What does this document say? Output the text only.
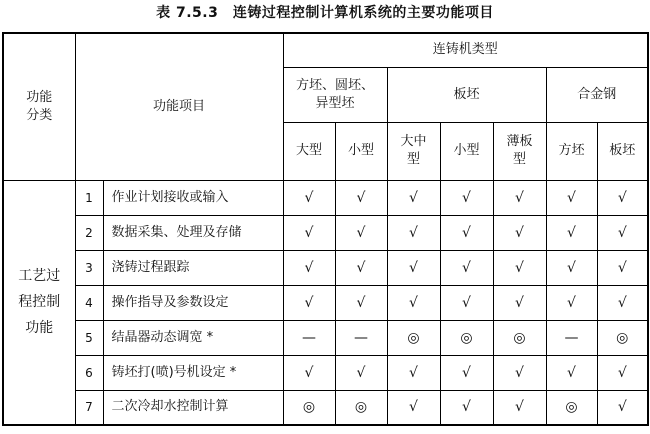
表 7.5.3　连铸过程控制计算机系统的主要功能项目
功能分类	功能项目		连铸机类型						
			方坯、圆坯、异型坯		板坯			合金钢	
			大型	小型	大中型	小型	薄板型	方坯	板坯
工艺过程控制功能	1	作业计划接收或输入	√	√	√	√	√	√	√
	2	数据采集、处理及存储	√	√	√	√	√	√	√
	3	浇铸过程跟踪	√	√	√	√	√	√	√
	4	操作指导及参数设定	√	√	√	√	√	√	√
	5	结晶器动态调宽 *	—	—	◎	◎	◎	—	◎
	6	铸坯打(喷)号机设定 *	√	√	√	√	√	√	√
	7	二次冷却水控制计算	◎	◎	√	√	√	◎	√
